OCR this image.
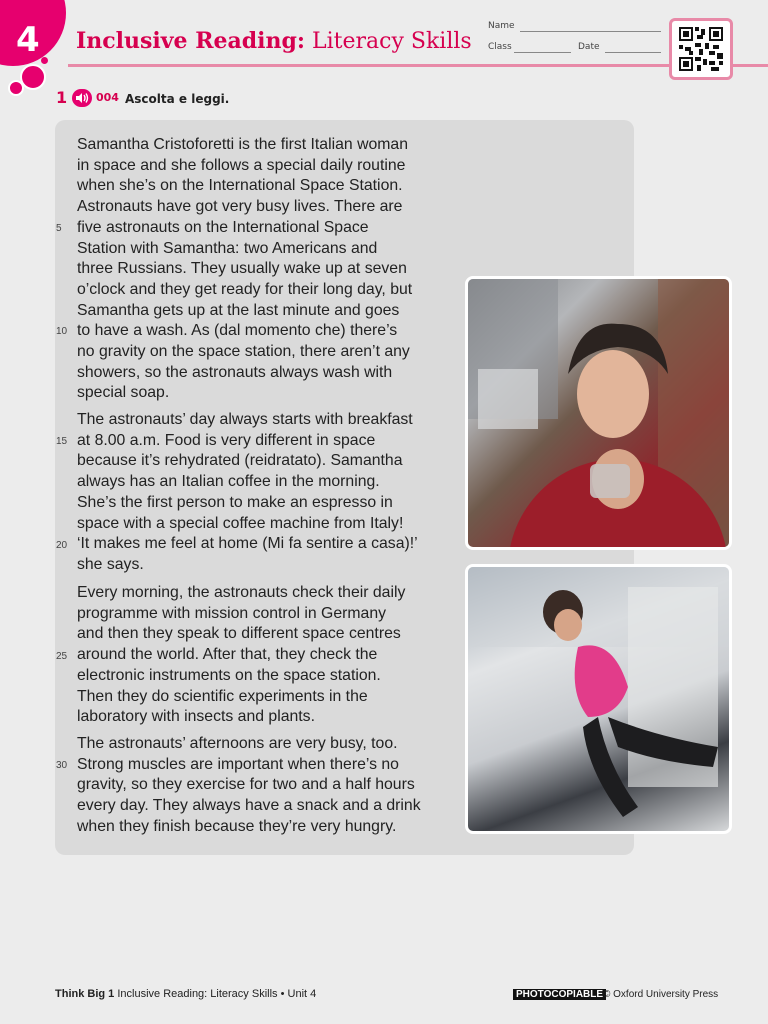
4 Inclusive Reading: Literacy Skills
Name
Class	Date
1	004 Ascolta e leggi.
Samantha Cristoforetti is the first Italian woman
in space and she follows a special daily routine
when she’s on the International Space Station.
Astronauts have got very busy lives. There are
five astronauts on the International Space
Station with Samantha: two Americans and
three Russians. They usually wake up at seven
o’clock and they get ready for their long day, but
Samantha gets up at the last minute and goes
to have a wash. As (dal momento che) there’s
no gravity on the space station, there aren’t any
showers, so the astronauts always wash with
special soap.
The astronauts’ day always starts with breakfast
at 8.00 a.m. Food is very different in space
because it’s rehydrated (reidratato). Samantha
always has an Italian coffee in the morning.
She’s the first person to make an espresso in
space with a special coffee machine from Italy!
‘It makes me feel at home (Mi fa sentire a casa)!’
she says.
Every morning, the astronauts check their daily
programme with mission control in Germany
and then they speak to different space centres
around the world. After that, they check the
electronic instruments on the space station.
Then they do scientific experiments in the
laboratory with insects and plants.
The astronauts’ afternoons are very busy, too.
Strong muscles are important when there’s no
gravity, so they exercise for two and a half hours
every day. They always have a snack and a drink
when they finish because they’re very hungry.
5
10
15
20
25
30
Think Big 1 Inclusive Reading: Literacy Skills • Unit 4	PHOTOCOPIABLE © Oxford University Press
